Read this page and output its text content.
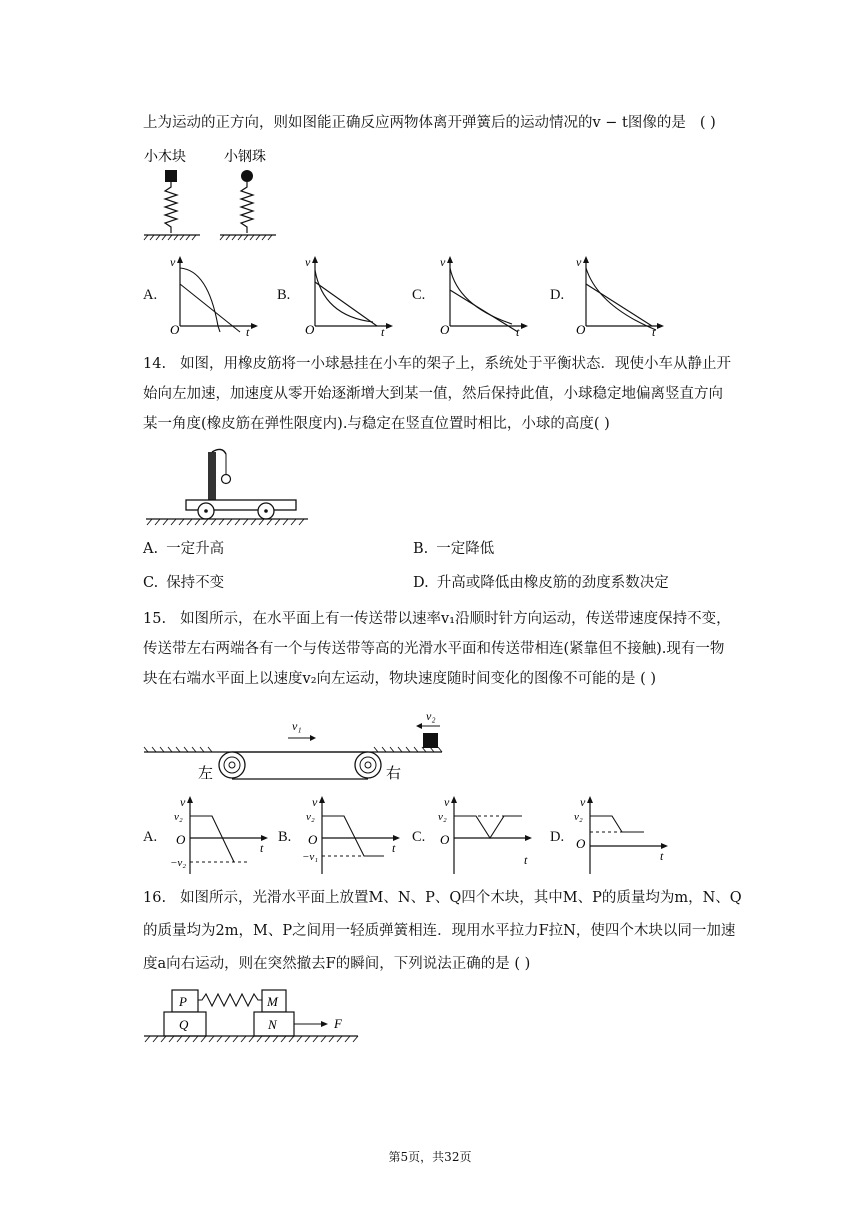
上为运动的正方向，则如图能正确反应两物体离开弹簧后的运动情况的v − t图像的是 ( )
小木块	小钢珠
A.	B.	C.	D.
v
O	t
v
O	t
v
O	t
v
O	t
14. 如图，用橡皮筋将一小球悬挂在小车的架子上，系统处于平衡状态．现使小车从静止开
始向左加速，加速度从零开始逐渐增大到某一值，然后保持此值，小球稳定地偏离竖直方向
某一角度(橡皮筋在弹性限度内).与稳定在竖直位置时相比，小球的高度( )
A. 一定升高	B. 一定降低
C. 保持不变	D. 升高或降低由橡皮筋的劲度系数决定
15. 如图所示，在水平面上有一传送带以速率v₁沿顺时针方向运动，传送带速度保持不变，
传送带左右两端各有一个与传送带等高的光滑水平面和传送带相连(紧靠但不接触).现有一物
块在右端水平面上以速度v₂向左运动，物块速度随时间变化的图像不可能的是 ( )
左	右
v₁
v₂
A.	B.	C.	D.
v
v₂
O
−v₂
t
v
v₂
O
−v₁
t
v
v₂
O
t
v
v₂
O
t
16. 如图所示，光滑水平面上放置M、N、P、Q四个木块，其中M、P的质量均为m，N、Q
的质量均为2m，M、P之间用一轻质弹簧相连．现用水平拉力F拉N，使四个木块以同一加速
度a向右运动，则在突然撤去F的瞬间，下列说法正确的是 ( )
P
Q
M
N	F
第5页，共32页
